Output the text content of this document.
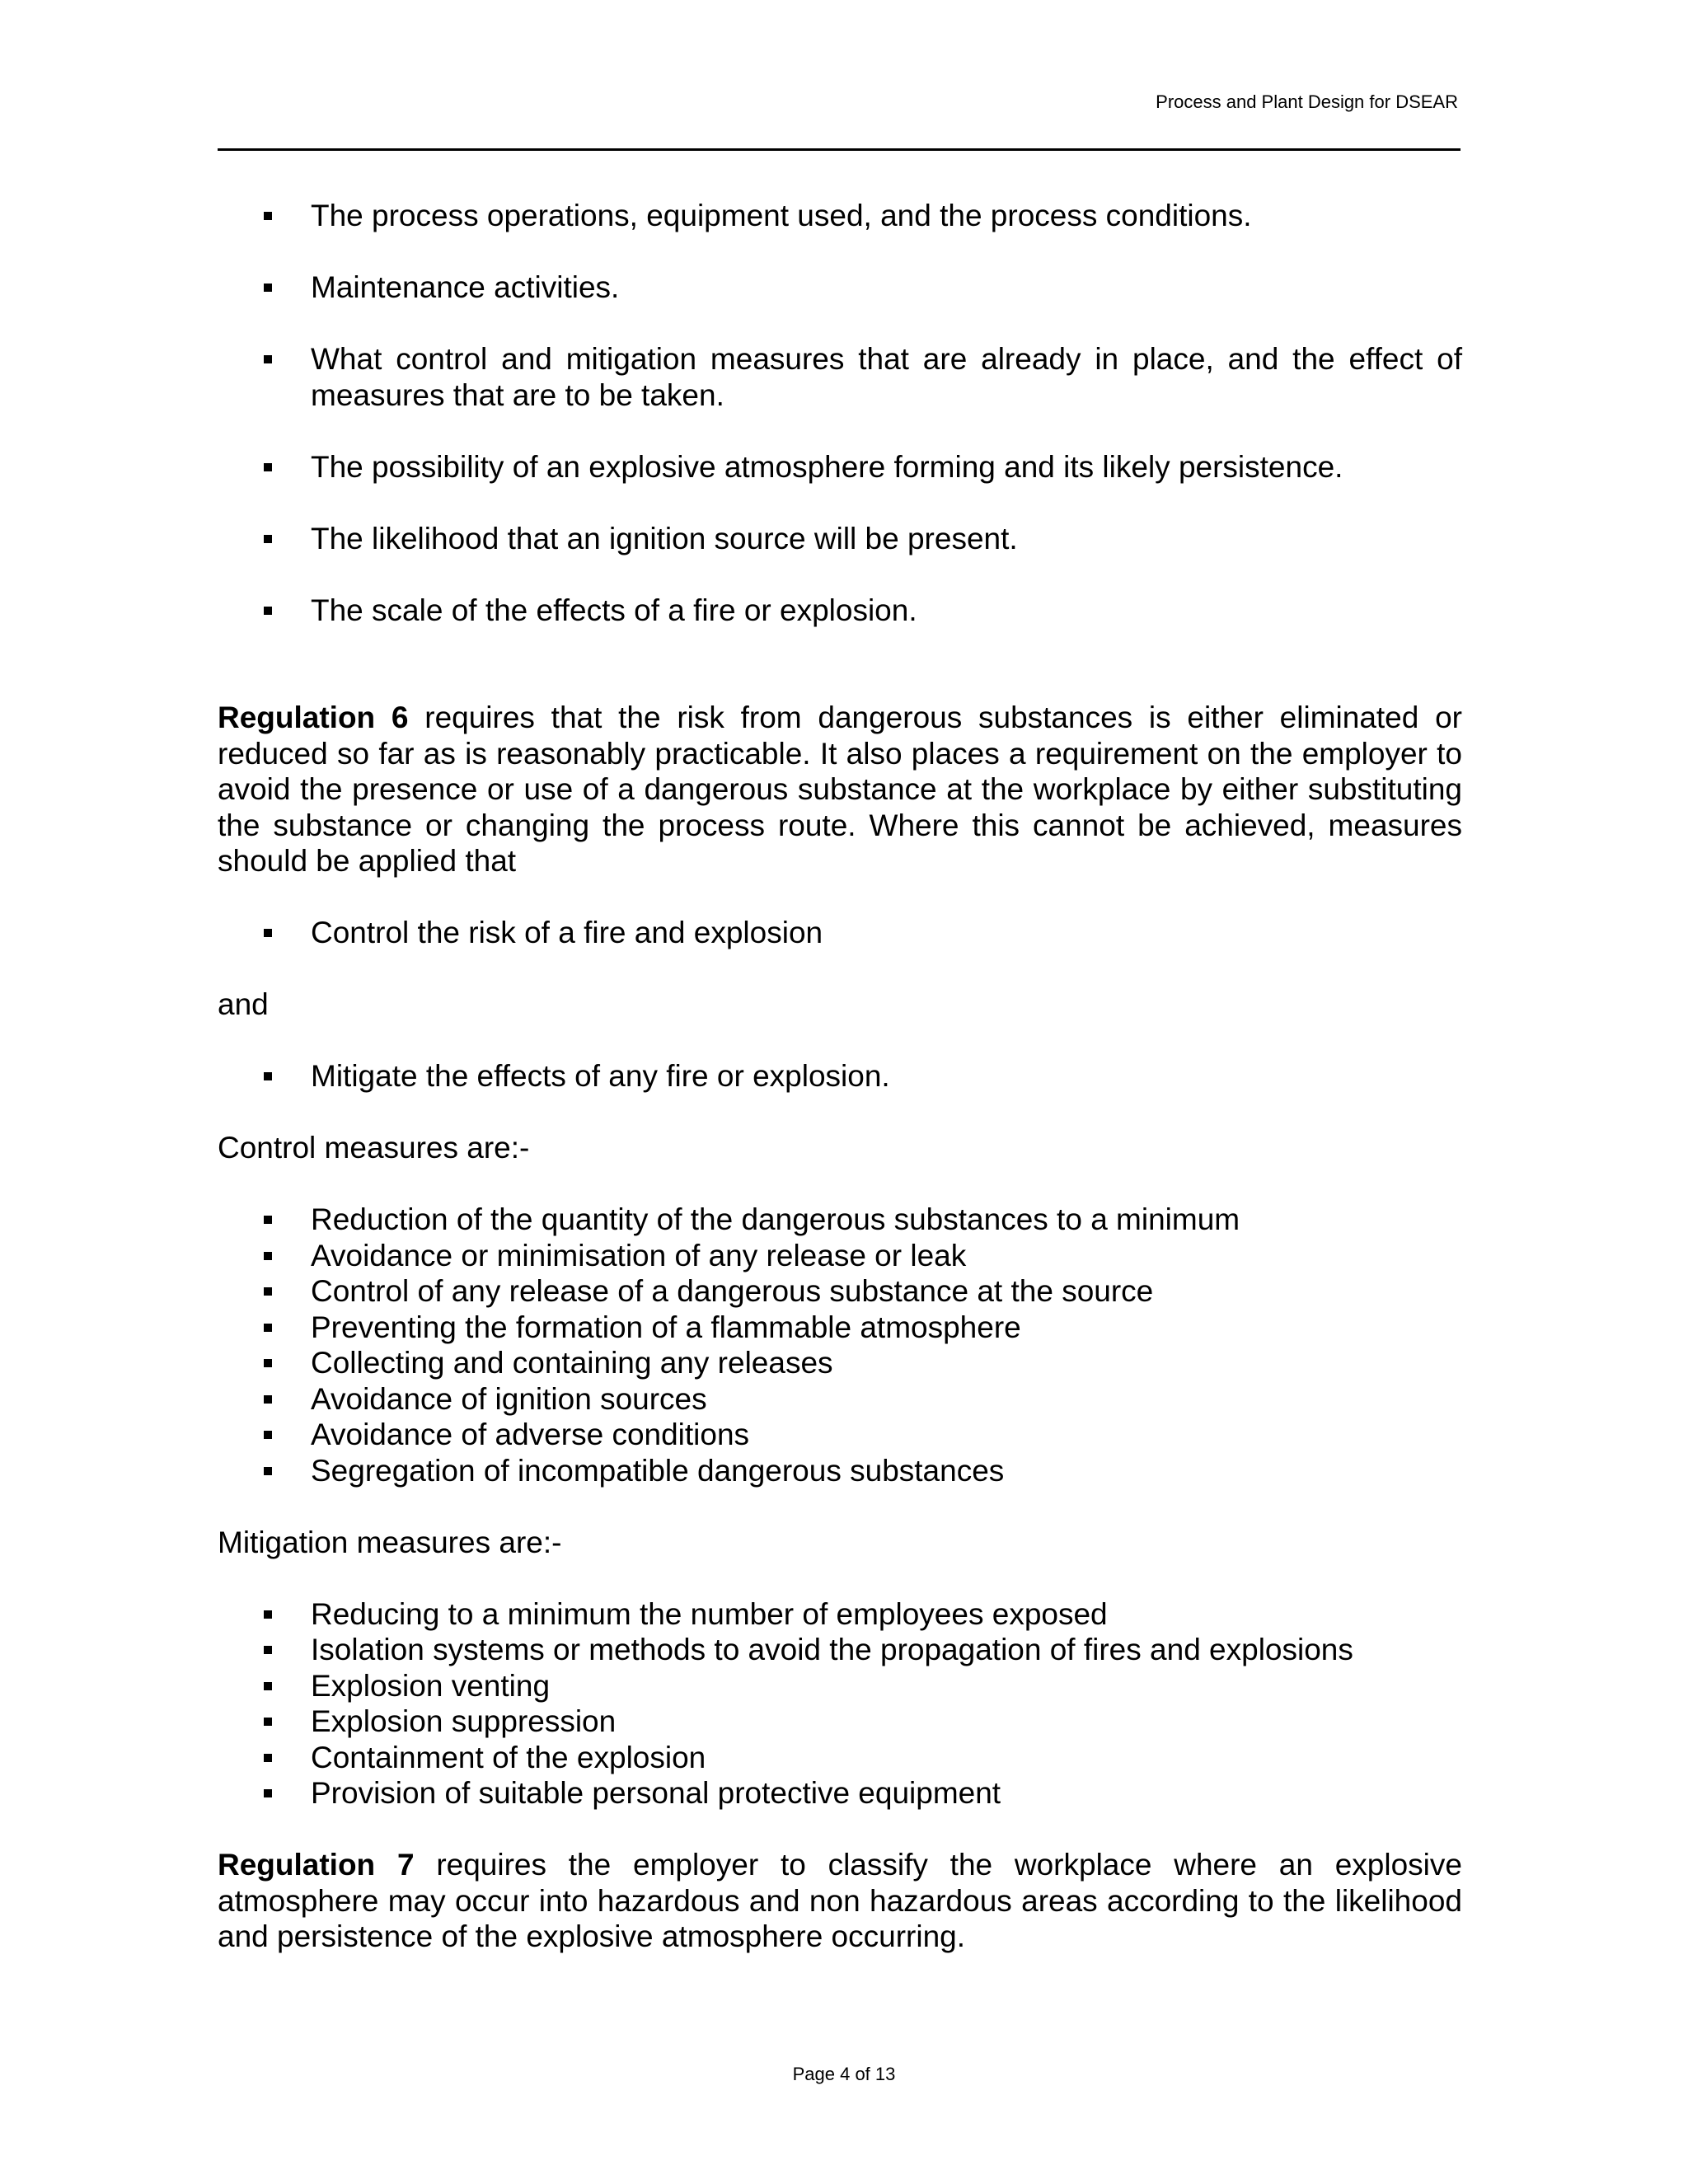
Process and Plant Design for DSEAR
The process operations, equipment used, and the process conditions.
Maintenance activities.
What control and mitigation measures that are already in place, and the effect of measures that are to be taken.
The possibility of an explosive atmosphere forming and its likely persistence.
The likelihood that an ignition source will be present.
The scale of the effects of a fire or explosion.

Regulation 6 requires that the risk from dangerous substances is either eliminated or reduced so far as is reasonably practicable. It also places a requirement on the employer to avoid the presence or use of a dangerous substance at the workplace by either substituting the substance or changing the process route. Where this cannot be achieved, measures should be applied that

Control the risk of a fire and explosion

and

Mitigate the effects of any fire or explosion.

Control measures are:-

Reduction of the quantity of the dangerous substances to a minimum
Avoidance or minimisation of any release or leak
Control of any release of a dangerous substance at the source
Preventing the formation of a flammable atmosphere
Collecting and containing any releases
Avoidance of ignition sources
Avoidance of adverse conditions
Segregation of incompatible dangerous substances

Mitigation measures are:-

Reducing to a minimum the number of employees exposed
Isolation systems or methods to avoid the propagation of fires and explosions
Explosion venting
Explosion suppression
Containment of the explosion
Provision of suitable personal protective equipment

Regulation 7 requires the employer to classify the workplace where an explosive atmosphere may occur into hazardous and non hazardous areas according to the likelihood and persistence of the explosive atmosphere occurring.

Page 4 of 13
